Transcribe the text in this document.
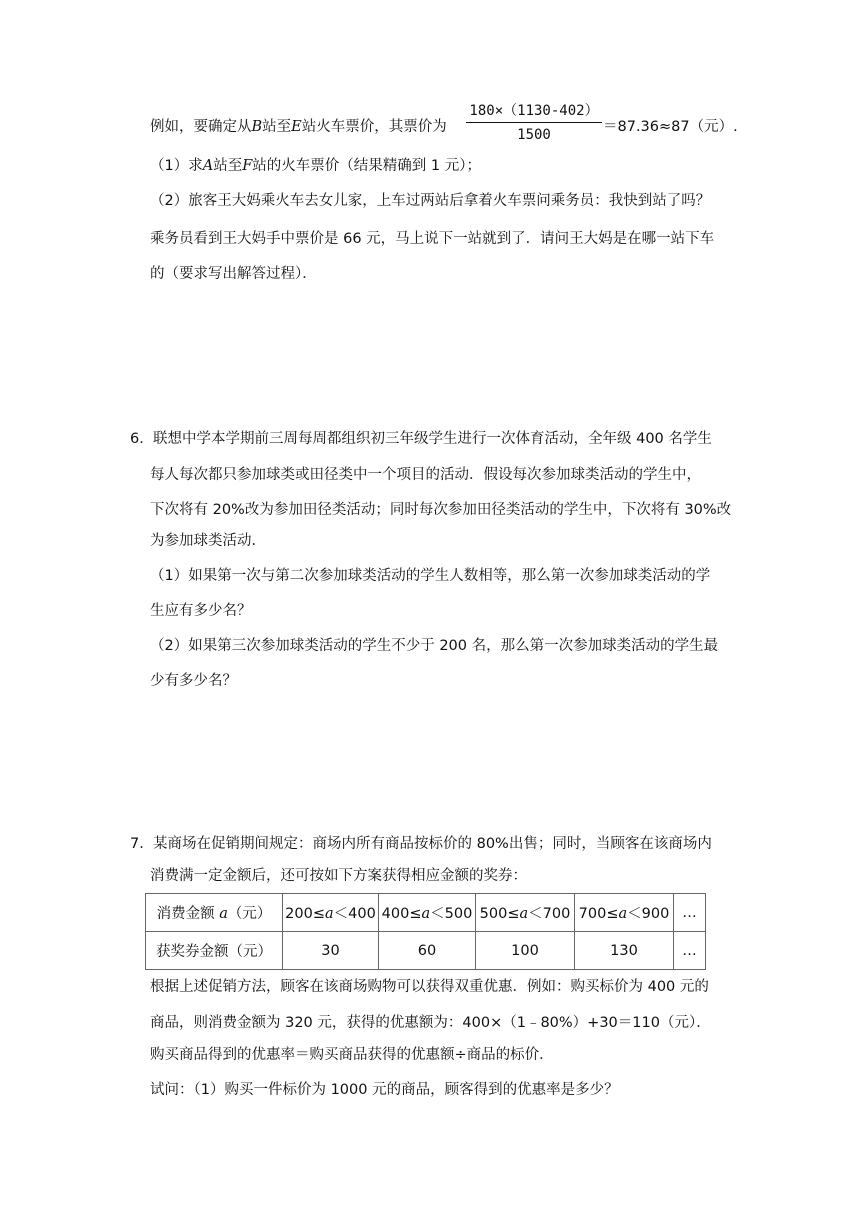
例如，要确定从B站至E站火车票价，其票价为
180×（1130-402）
1500	＝87.36≈87（元）.
（1）求A站至F站的火车票价（结果精确到 1 元）；
（2）旅客王大妈乘火车去女儿家，上车过两站后拿着火车票问乘务员：我快到站了吗？
乘务员看到王大妈手中票价是 66 元，马上说下一站就到了．请问王大妈是在哪一站下车
的（要求写出解答过程）．
6． 联想中学本学期前三周每周都组织初三年级学生进行一次体育活动，全年级 400 名学生
每人每次都只参加球类或田径类中一个项目的活动．假设每次参加球类活动的学生中，
下次将有 20%改为参加田径类活动；同时每次参加田径类活动的学生中，下次将有 30%改
为参加球类活动．
（1）如果第一次与第二次参加球类活动的学生人数相等，那么第一次参加球类活动的学
生应有多少名？
（2）如果第三次参加球类活动的学生不少于 200 名，那么第一次参加球类活动的学生最
少有多少名？
7． 某商场在促销期间规定：商场内所有商品按标价的 80%出售；同时，当顾客在该商场内
消费满一定金额后，还可按如下方案获得相应金额的奖券：
消费金额 a（元）	200≤a＜400	400≤a＜500	500≤a＜700	700≤a＜900	…
获奖券金额（元）	30	60	100	130	…
根据上述促销方法，顾客在该商场购物可以获得双重优惠．例如：购买标价为 400 元的
商品，则消费金额为 320 元，获得的优惠额为：400×（1﹣80%）+30＝110（元）．
购买商品得到的优惠率＝购买商品获得的优惠额÷商品的标价．
试问：（1）购买一件标价为 1000 元的商品，顾客得到的优惠率是多少？
